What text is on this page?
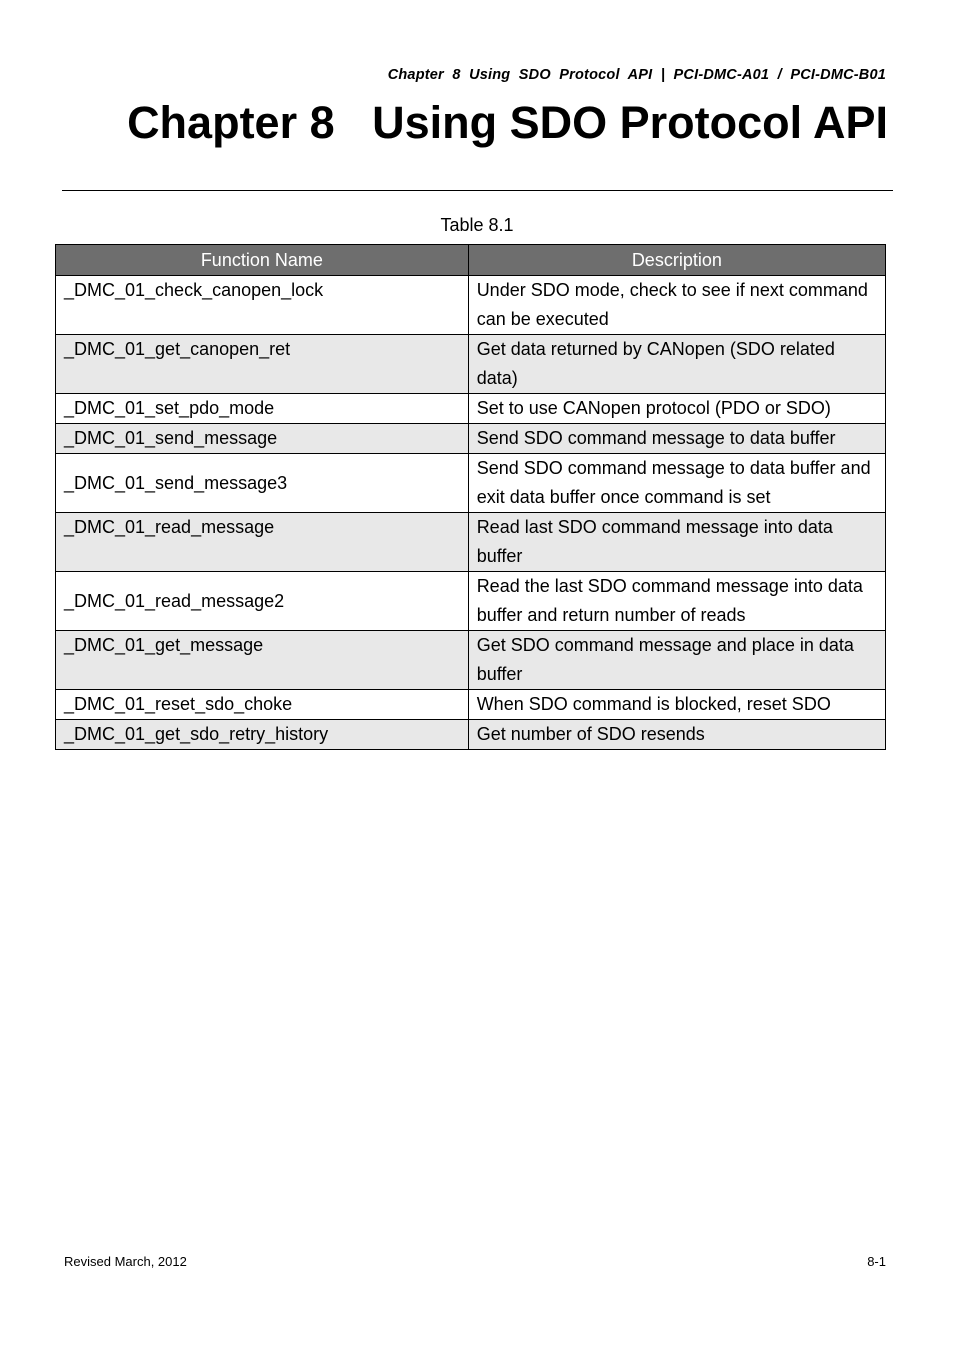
Chapter  8  Using  SDO  Protocol  API  |  PCI-DMC-A01  /  PCI-DMC-B01
Chapter 8   Using SDO Protocol API
Table 8.1
Function Name	Description
_DMC_01_check_canopen_lock	Under SDO mode, check to see if next command can be executed
_DMC_01_get_canopen_ret	Get data returned by CANopen (SDO related data)
_DMC_01_set_pdo_mode	Set to use CANopen protocol (PDO or SDO)
_DMC_01_send_message	Send SDO command message to data buffer
_DMC_01_send_message3	Send SDO command message to data buffer and exit data buffer once command is set
_DMC_01_read_message	Read last SDO command message into data buffer
_DMC_01_read_message2	Read the last SDO command message into data buffer and return number of reads
_DMC_01_get_message	Get SDO command message and place in data buffer
_DMC_01_reset_sdo_choke	When SDO command is blocked, reset SDO
_DMC_01_get_sdo_retry_history	Get number of SDO resends
Revised March, 2012	8-1
